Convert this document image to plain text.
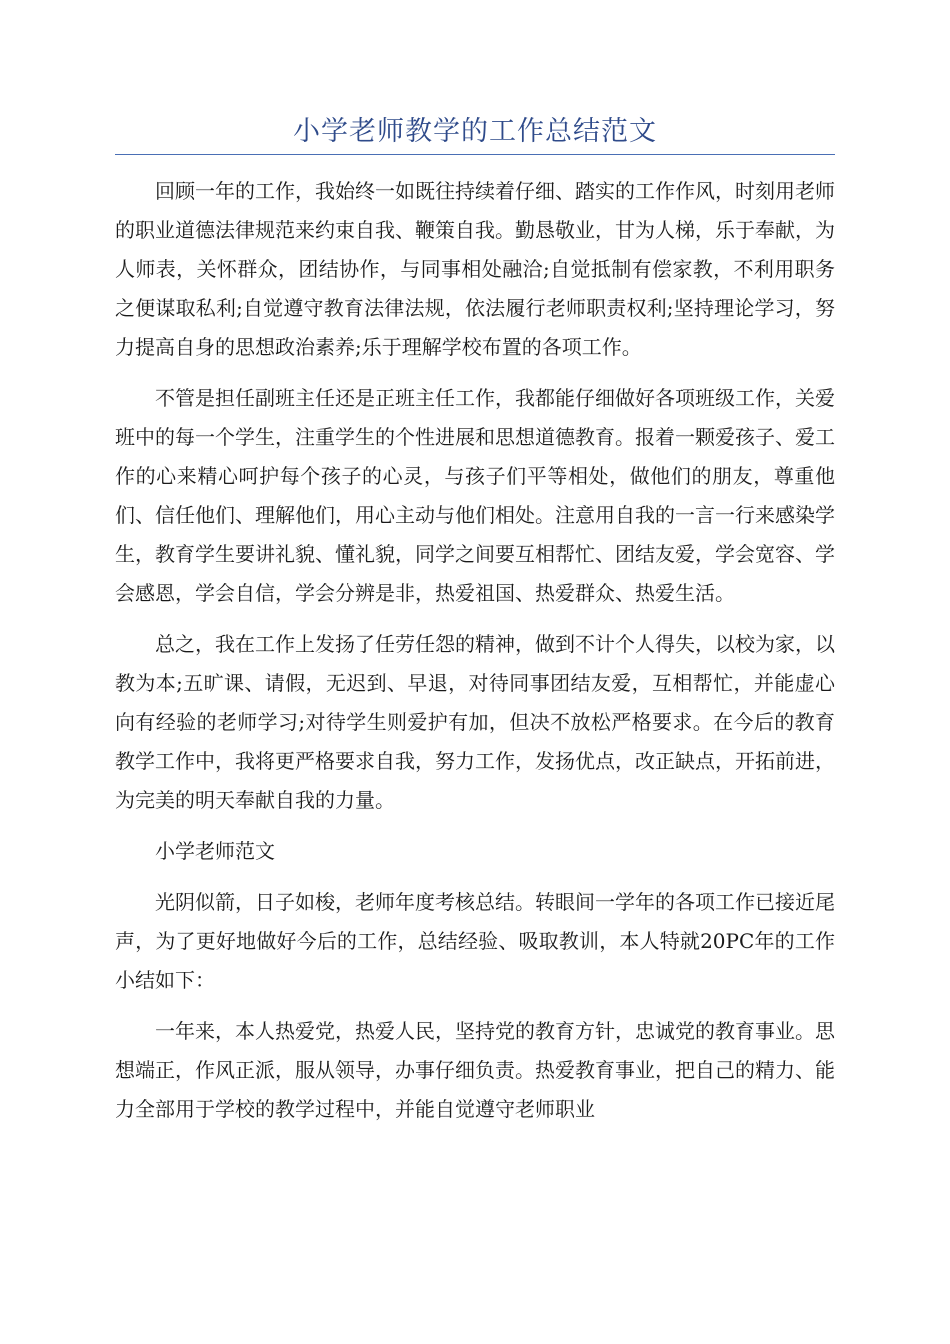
小学老师教学的工作总结范文

回顾一年的工作，我始终一如既往持续着仔细、踏实的工作作风，时刻用老师的职业道德法律规范来约束自我、鞭策自我。勤恳敬业，甘为人梯，乐于奉献，为人师表，关怀群众，团结协作，与同事相处融洽;自觉抵制有偿家教，不利用职务之便谋取私利;自觉遵守教育法律法规，依法履行老师职责权利;坚持理论学习，努力提高自身的思想政治素养;乐于理解学校布置的各项工作。

不管是担任副班主任还是正班主任工作，我都能仔细做好各项班级工作，关爱班中的每一个学生，注重学生的个性进展和思想道德教育。报着一颗爱孩子、爱工作的心来精心呵护每个孩子的心灵，与孩子们平等相处，做他们的朋友，尊重他们、信任他们、理解他们，用心主动与他们相处。注意用自我的一言一行来感染学生，教育学生要讲礼貌、懂礼貌，同学之间要互相帮忙、团结友爱，学会宽容、学会感恩，学会自信，学会分辨是非，热爱祖国、热爱群众、热爱生活。

总之，我在工作上发扬了任劳任怨的精神，做到不计个人得失，以校为家，以教为本;五旷课、请假，无迟到、早退，对待同事团结友爱，互相帮忙，并能虚心向有经验的老师学习;对待学生则爱护有加，但决不放松严格要求。在今后的教育教学工作中，我将更严格要求自我，努力工作，发扬优点，改正缺点，开拓前进，为完美的明天奉献自我的力量。

小学老师范文

光阴似箭，日子如梭，老师年度考核总结。转眼间一学年的各项工作已接近尾声，为了更好地做好今后的工作，总结经验、吸取教训，本人特就20PC年的工作小结如下：

一年来，本人热爱党，热爱人民，坚持党的教育方针，忠诚党的教育事业。思想端正，作风正派，服从领导，办事仔细负责。热爱教育事业，把自己的精力、能力全部用于学校的教学过程中，并能自觉遵守老师职业
